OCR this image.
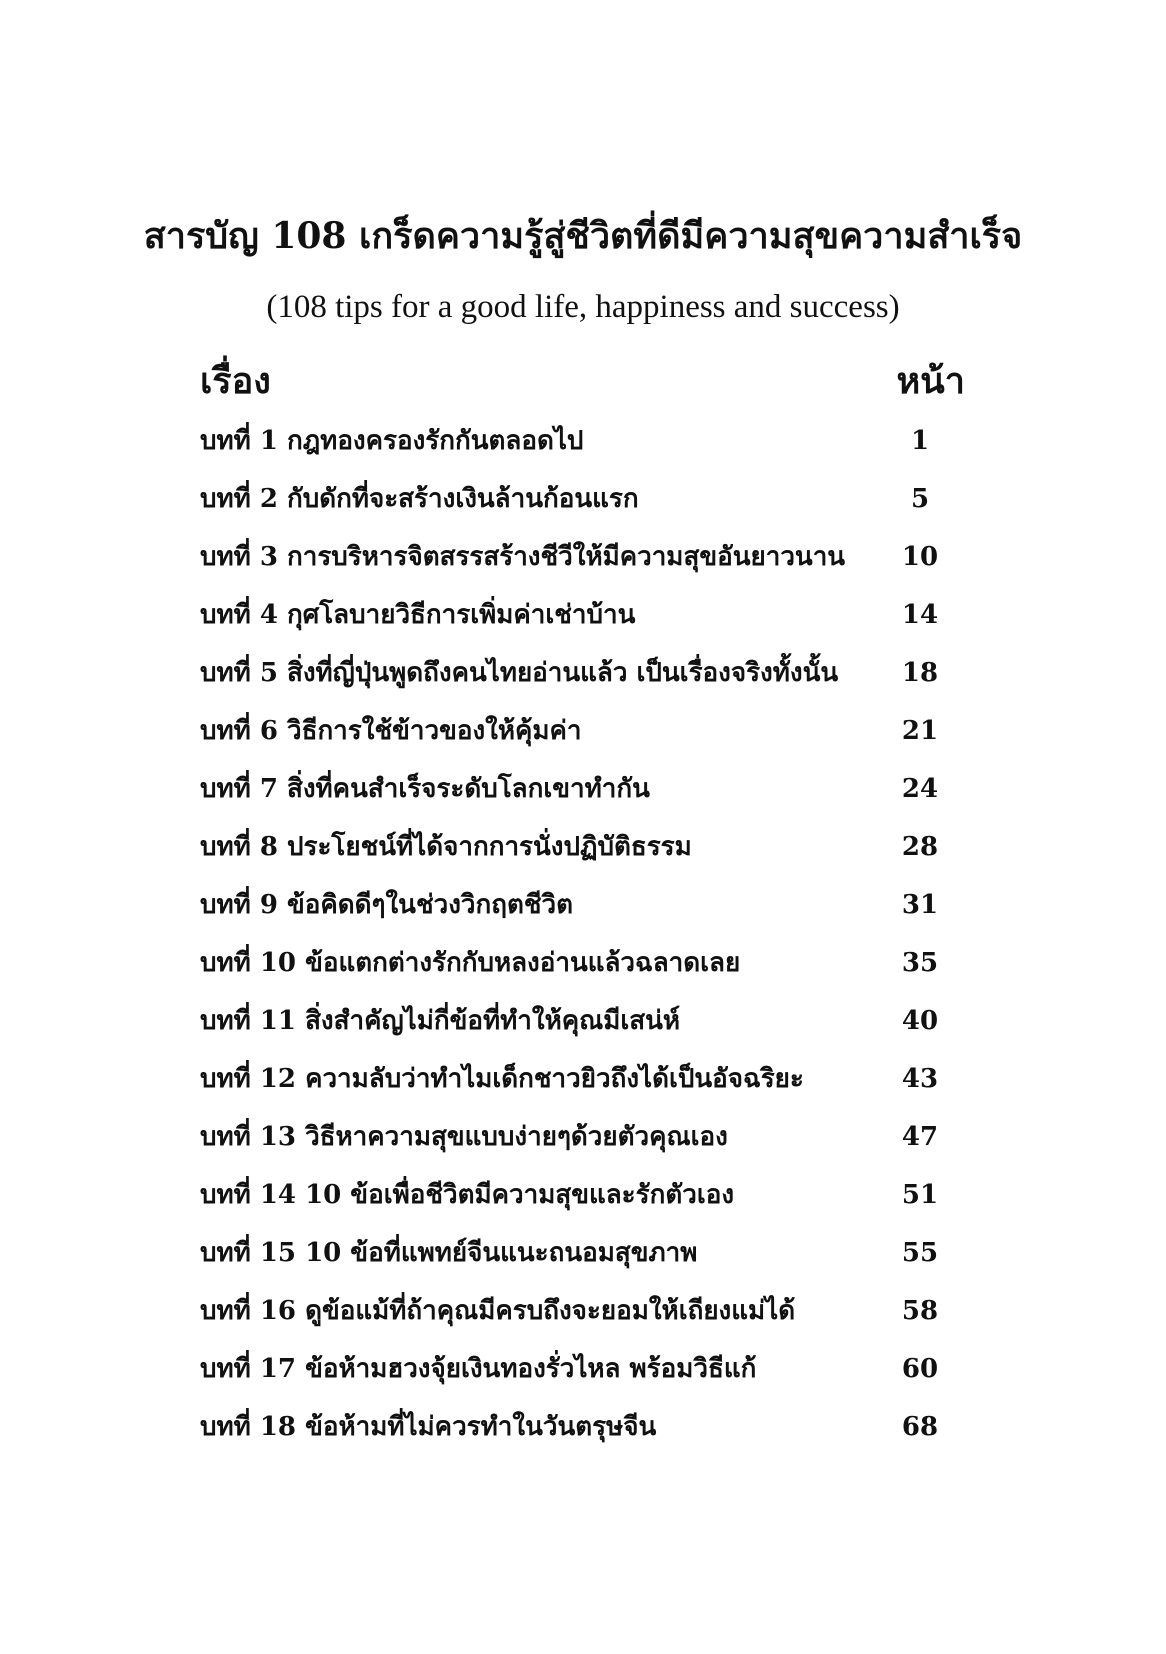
สารบัญ 108 เกร็ดความรู้สู่ชีวิตที่ดีมีความสุขความสำเร็จ
(108 tips for a good life, happiness and success)
เรื่อง	หน้า
บทที่ 1 กฎทองครองรักกันตลอดไป	1
บทที่ 2 กับดักที่จะสร้างเงินล้านก้อนแรก	5
บทที่ 3 การบริหารจิตสรรสร้างชีวีให้มีความสุขอันยาวนาน	10
บทที่ 4 กุศโลบายวิธีการเพิ่มค่าเช่าบ้าน	14
บทที่ 5 สิ่งที่ญี่ปุ่นพูดถึงคนไทยอ่านแล้ว เป็นเรื่องจริงทั้งนั้น	18
บทที่ 6 วิธีการใช้ข้าวของให้คุ้มค่า	21
บทที่ 7 สิ่งที่คนสำเร็จระดับโลกเขาทำกัน	24
บทที่ 8 ประโยชน์ที่ได้จากการนั่งปฏิบัติธรรม	28
บทที่ 9 ข้อคิดดีๆในช่วงวิกฤตชีวิต	31
บทที่ 10 ข้อแตกต่างรักกับหลงอ่านแล้วฉลาดเลย	35
บทที่ 11 สิ่งสำคัญไม่กี่ข้อที่ทำให้คุณมีเสน่ห์	40
บทที่ 12 ความลับว่าทำไมเด็กชาวยิวถึงได้เป็นอัจฉริยะ	43
บทที่ 13 วิธีหาความสุขแบบง่ายๆด้วยตัวคุณเอง	47
บทที่ 14 10 ข้อเพื่อชีวิตมีความสุขและรักตัวเอง	51
บทที่ 15 10 ข้อที่แพทย์จีนแนะถนอมสุขภาพ	55
บทที่ 16 ดูข้อแม้ที่ถ้าคุณมีครบถึงจะยอมให้เถียงแม่ได้	58
บทที่ 17 ข้อห้ามฮวงจุ้ยเงินทองรั่วไหล พร้อมวิธีแก้	60
บทที่ 18 ข้อห้ามที่ไม่ควรทำในวันตรุษจีน	68
